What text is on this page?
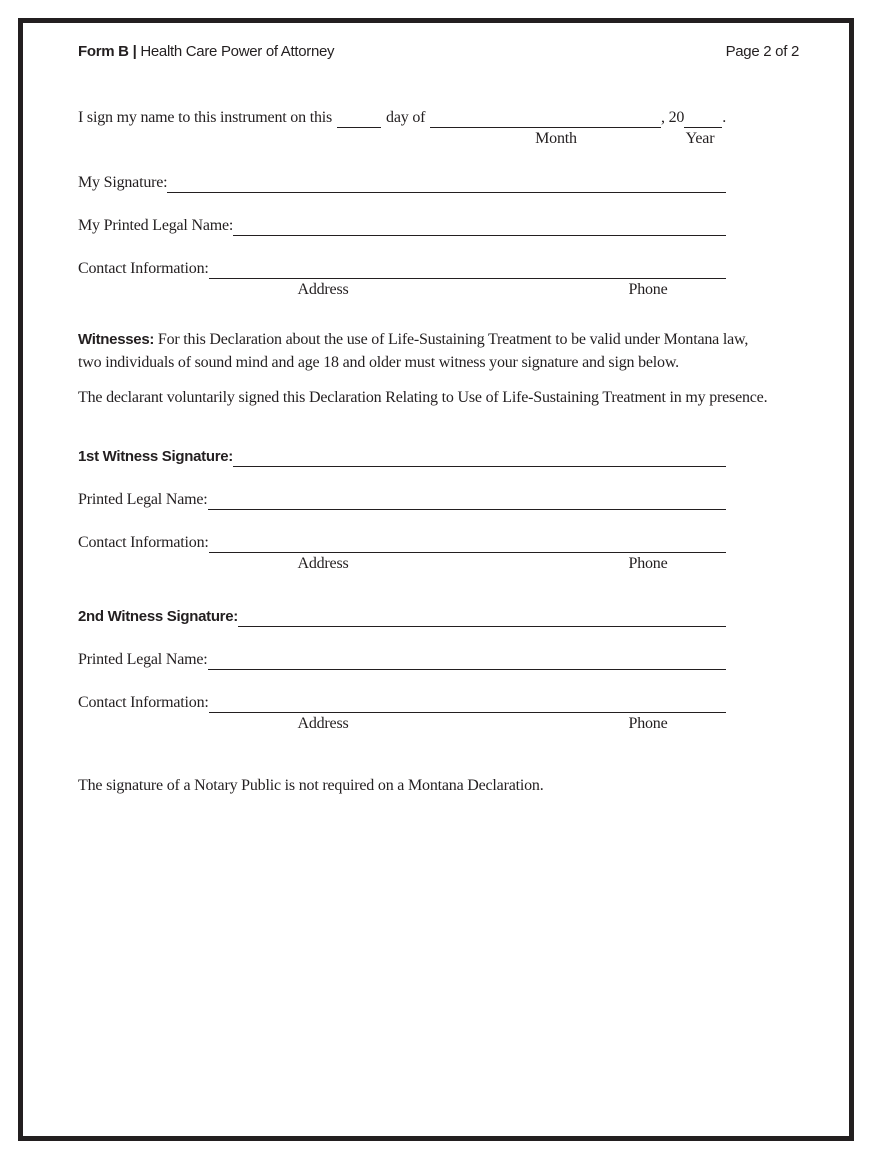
Form B | Health Care Power of Attorney	Page 2 of 2
I sign my name to this instrument on this	day of	, 20 .
Month	Year
My Signature:
My Printed Legal Name:
Contact Information:
Address	Phone
Witnesses: For this Declaration about the use of Life-Sustaining Treatment to be valid under Montana law,
two individuals of sound mind and age 18 and older must witness your signature and sign below.
The declarant voluntarily signed this Declaration Relating to Use of Life-Sustaining Treatment in my presence.
1st Witness Signature:
Printed Legal Name:
Contact Information:
Address	Phone
2nd Witness Signature:
Printed Legal Name:
Contact Information:
Address	Phone
The signature of a Notary Public is not required on a Montana Declaration.
